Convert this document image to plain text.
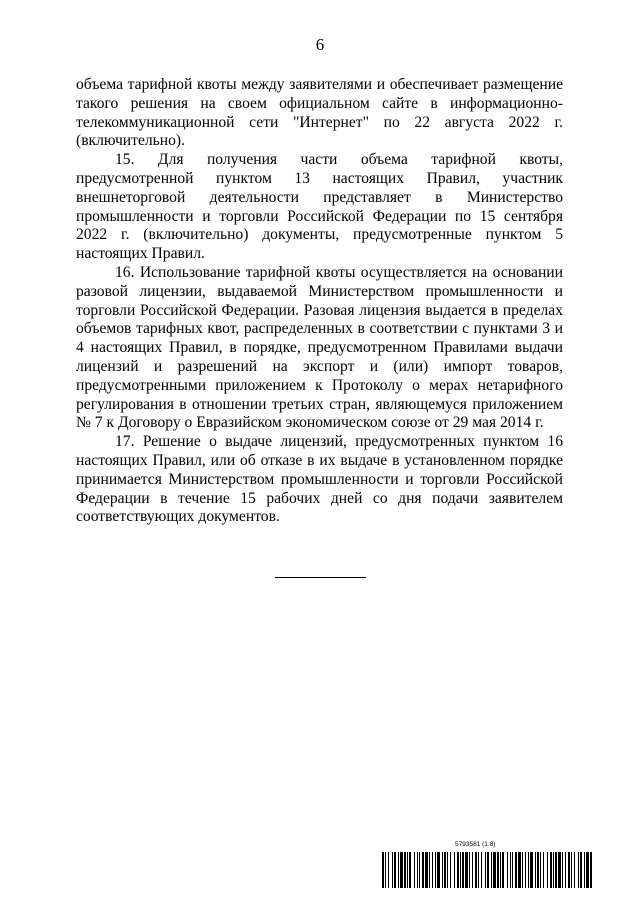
6

объема тарифной квоты между заявителями и обеспечивает размещение такого решения на своем официальном сайте в информационно-телекоммуникационной сети "Интернет" по 22 августа 2022 г. (включительно).

15. Для получения части объема тарифной квоты, предусмотренной пунктом 13 настоящих Правил, участник внешнеторговой деятельности представляет в Министерство промышленности и торговли Российской Федерации по 15 сентября 2022 г. (включительно) документы, предусмотренные пунктом 5 настоящих Правил.

16. Использование тарифной квоты осуществляется на основании разовой лицензии, выдаваемой Министерством промышленности и торговли Российской Федерации. Разовая лицензия выдается в пределах объемов тарифных квот, распределенных в соответствии с пунктами 3 и 4 настоящих Правил, в порядке, предусмотренном Правилами выдачи лицензий и разрешений на экспорт и (или) импорт товаров, предусмотренными приложением к Протоколу о мерах нетарифного регулирования в отношении третьих стран, являющемуся приложением № 7 к Договору о Евразийском экономическом союзе от 29 мая 2014 г.

17. Решение о выдаче лицензий, предусмотренных пунктом 16 настоящих Правил, или об отказе в их выдаче в установленном порядке принимается Министерством промышленности и торговли Российской Федерации в течение 15 рабочих дней со дня подачи заявителем соответствующих документов.

5793581 (1.8)
